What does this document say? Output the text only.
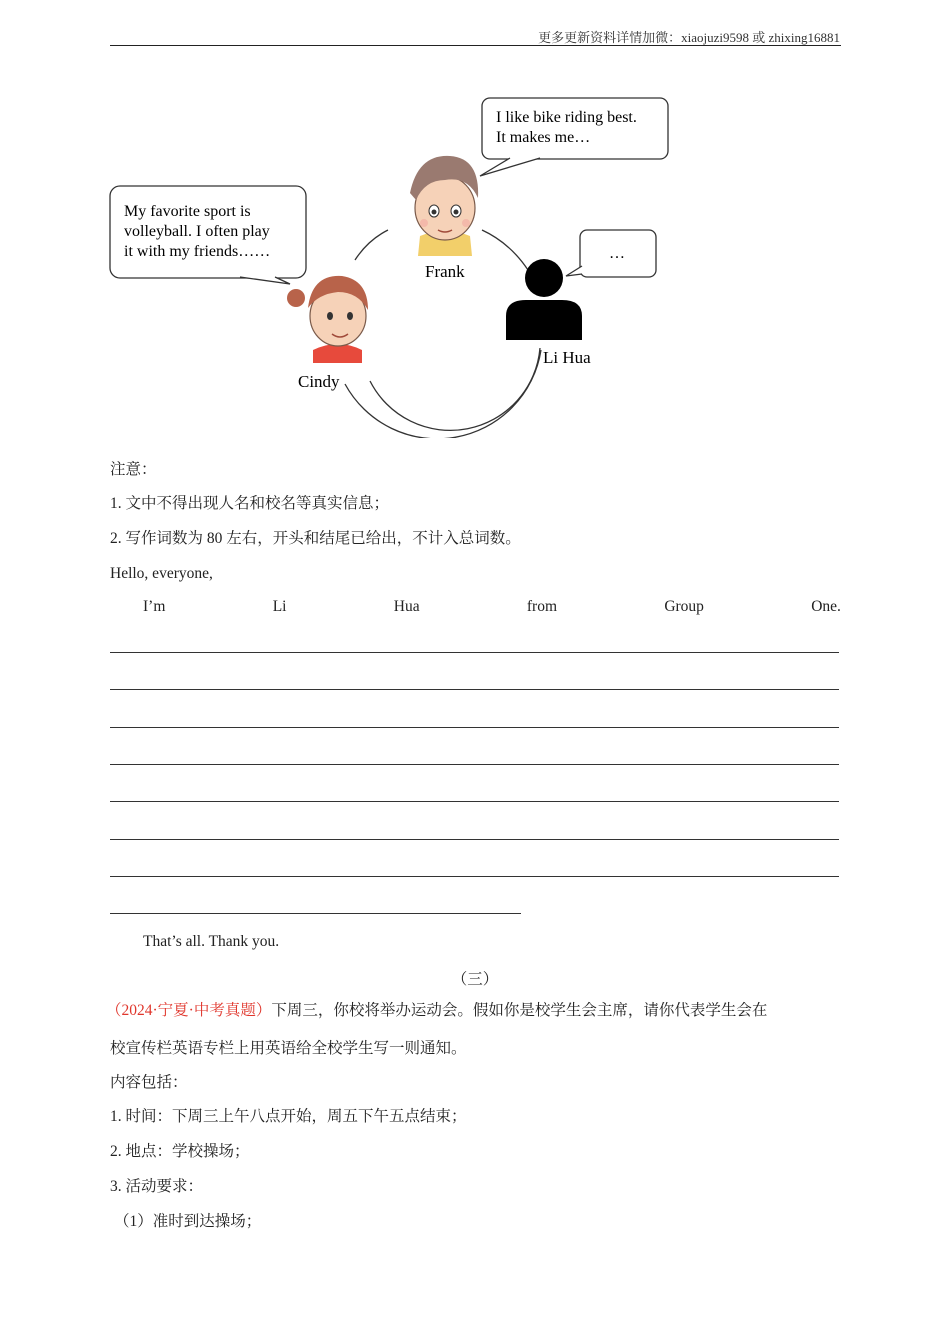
更多更新资料详情加微：xiaojuzi9598 或 zhixing16881
I like bike riding best.
It makes me…
My favorite sport is
volleyball. I often play
it with my friends……	…
Frank
Cindy
Li Hua
注意：
1. 文中不得出现人名和校名等真实信息；
2. 写作词数为 80 左右，开头和结尾已给出，不计入总词数。
Hello, everyone,
I’m	Li	Hua	from	Group	One.
That’s all. Thank you.
（三）
（2024·宁夏·中考真题）下周三，你校将举办运动会。假如你是校学生会主席，请你代表学生会在
校宣传栏英语专栏上用英语给全校学生写一则通知。
内容包括：
1. 时间：下周三上午八点开始，周五下午五点结束；
2. 地点：学校操场；
3. 活动要求：
（1）准时到达操场；
